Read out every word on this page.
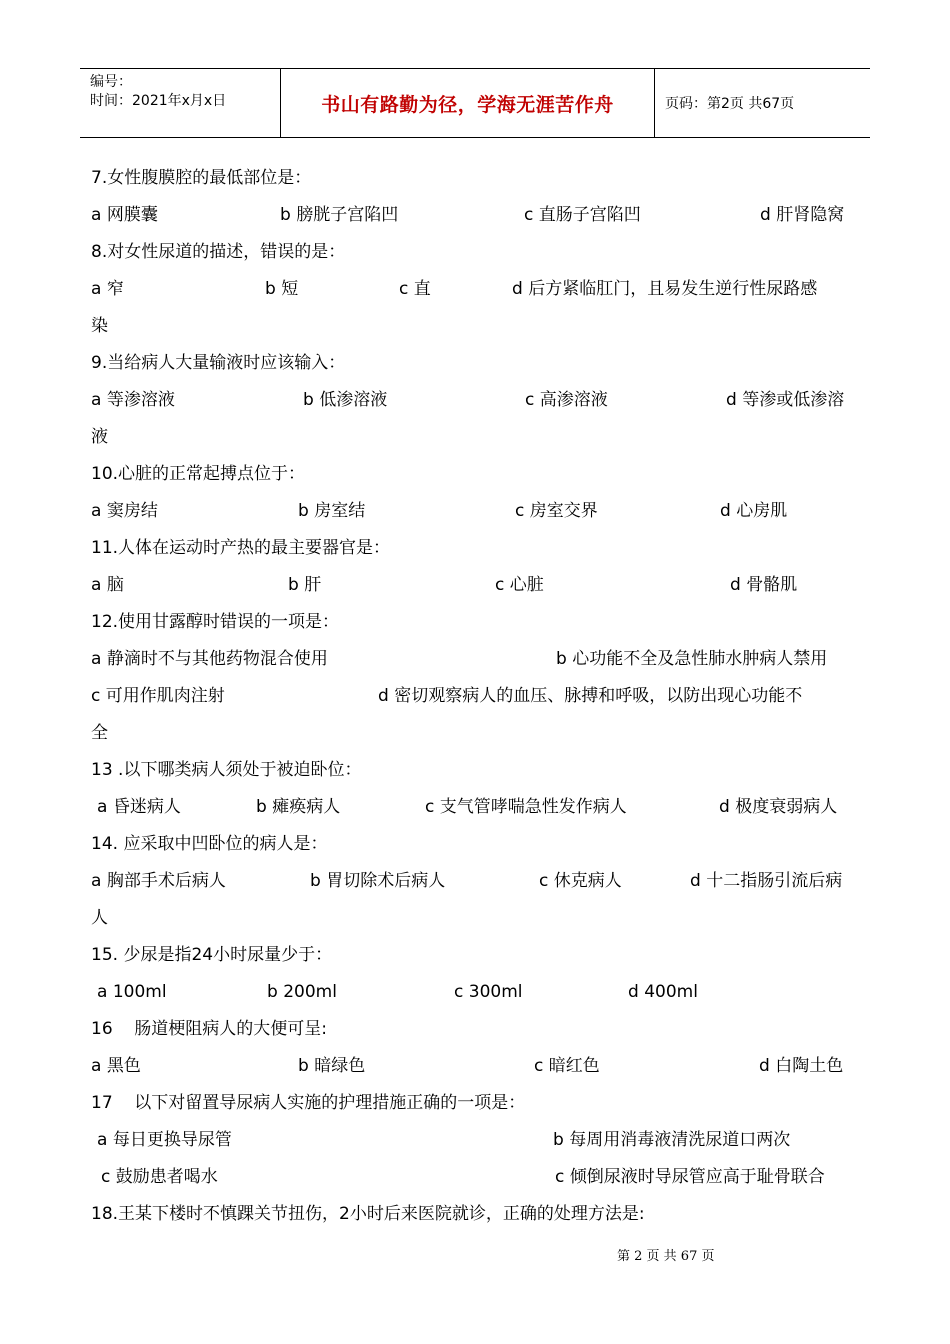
编号：
时间：2021年x月x日	书山有路勤为径，学海无涯苦作舟	页码：第2页 共67页
7.女性腹膜腔的最低部位是：
a 网膜囊	b 膀胱子宫陷凹	c 直肠子宫陷凹	d 肝肾隐窝
8.对女性尿道的描述，错误的是：
a 窄	b 短	c 直	d 后方紧临肛门，且易发生逆行性尿路感
染
9.当给病人大量输液时应该输入：
a 等渗溶液	b 低渗溶液	c 高渗溶液	d 等渗或低渗溶
液
10.心脏的正常起搏点位于：
a 窦房结	b 房室结	c 房室交界	d 心房肌
11.人体在运动时产热的最主要器官是：
a 脑	b 肝	c 心脏	d 骨骼肌
12.使用甘露醇时错误的一项是：
a 静滴时不与其他药物混合使用	b 心功能不全及急性肺水肿病人禁用
c 可用作肌肉注射	d 密切观察病人的血压、脉搏和呼吸，以防出现心功能不
全
13 .以下哪类病人须处于被迫卧位：
a 昏迷病人	b 瘫痪病人	c 支气管哮喘急性发作病人	d 极度衰弱病人
14. 应采取中凹卧位的病人是：
a 胸部手术后病人	b 胃切除术后病人	c 休克病人	d 十二指肠引流后病
人
15. 少尿是指24小时尿量少于：
a 100ml	b 200ml	c 300ml	d 400ml
16    肠道梗阻病人的大便可呈:
a 黑色	b 暗绿色	c 暗红色	d 白陶土色
17    以下对留置导尿病人实施的护理措施正确的一项是：
a 每日更换导尿管	b 每周用消毒液清洗尿道口两次
c 鼓励患者喝水	c 倾倒尿液时导尿管应高于耻骨联合
18.王某下楼时不慎踝关节扭伤，2小时后来医院就诊，正确的处理方法是:
第 2 页 共 67 页
